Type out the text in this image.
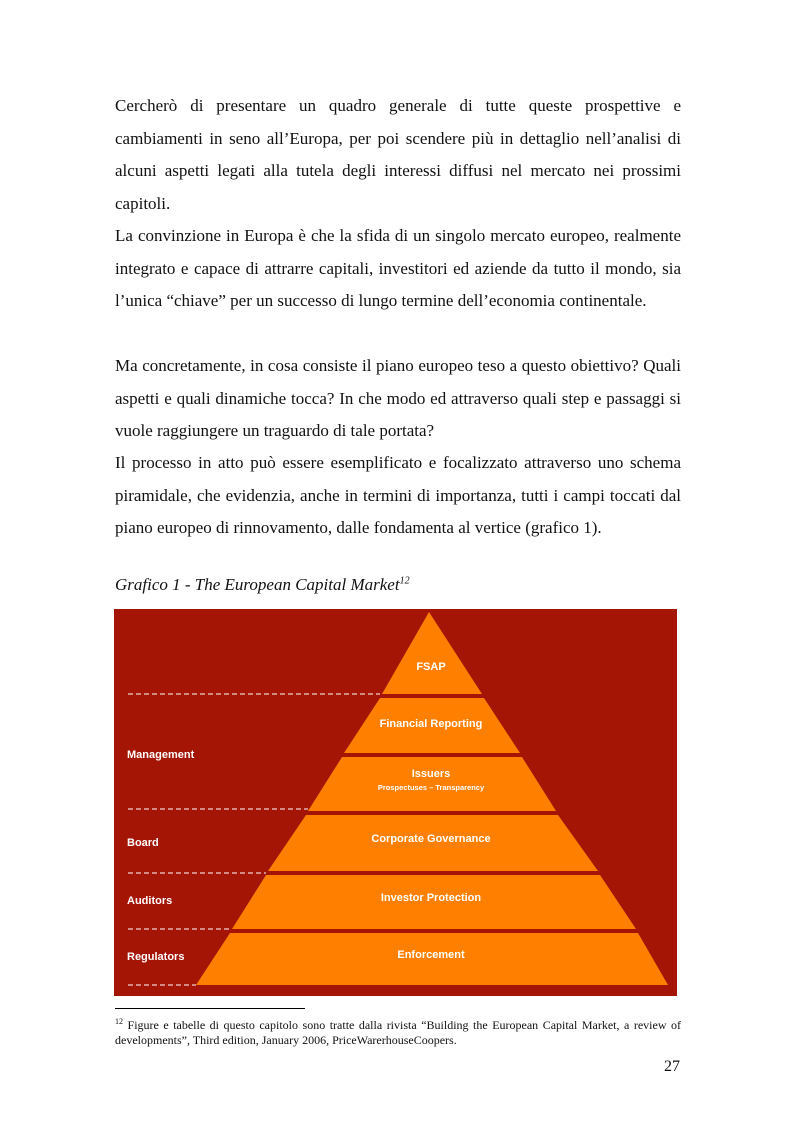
Cercherò di presentare un quadro generale di tutte queste prospettive e cambiamenti in seno all’Europa, per poi scendere più in dettaglio nell’analisi di alcuni aspetti legati alla tutela degli interessi diffusi nel mercato nei prossimi capitoli.

La convinzione in Europa è che la sfida di un singolo mercato europeo, realmente integrato e capace di attrarre capitali, investitori ed aziende da tutto il mondo, sia l’unica “chiave” per un successo di lungo termine dell’economia continentale.

Ma concretamente, in cosa consiste il piano europeo teso a questo obiettivo? Quali aspetti e quali dinamiche tocca? In che modo ed attraverso quali step e passaggi si vuole raggiungere un traguardo di tale portata?

Il processo in atto può essere esemplificato e focalizzato attraverso uno schema piramidale, che evidenzia, anche in termini di importanza, tutti i campi toccati dal piano europeo di rinnovamento, dalle fondamenta al vertice (grafico 1).

Grafico 1 - The European Capital Market$^{12}$

FSAP
Financial Reporting
Issuers
Prospectuses – Transparency
Corporate Governance
Investor Protection
Enforcement
Management
Board
Auditors
Regulators

$^{12}$ Figure e tabelle di questo capitolo sono tratte dalla rivista “Building the European Capital Market, a review of developments”, Third edition, January 2006, PriceWarerhouseCoopers.

27
